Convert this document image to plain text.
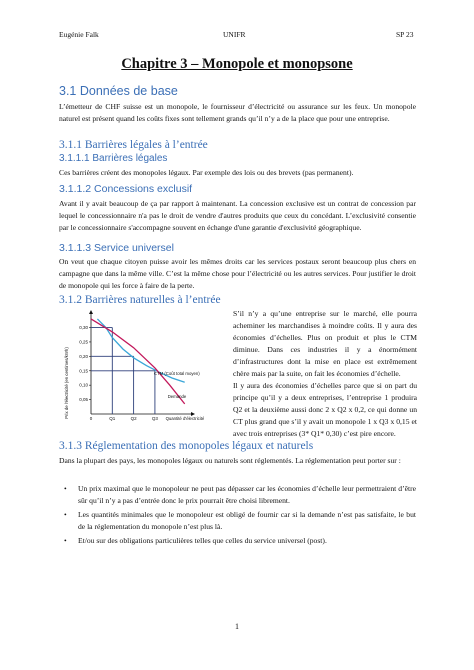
Eugénie Falk	UNIFR	SP 23
Chapitre 3 – Monopole et monopsone
3.1 Données de base
L’émetteur de CHF suisse est un monopole, le fournisseur d’électricité ou assurance sur les feux. Un monopole naturel est présent quand les coûts fixes sont tellement grands qu’il n’y a de la place que pour une entreprise.
3.1.1 Barrières légales à l’entrée
3.1.1.1 Barrières légales
Ces barrières créent des monopoles légaux. Par exemple des lois ou des brevets (pas permanent).
3.1.1.2 Concessions exclusif
Avant il y avait beaucoup de ça par rapport à maintenant. La concession exclusive est un contrat de concession par lequel le concessionnaire n'a pas le droit de vendre d'autres produits que ceux du concédant. L’exclusivité consentie par le concessionnaire s'accompagne souvent en échange d'une garantie d'exclusivité géographique.
3.1.1.3 Service universel
On veut que chaque citoyen puisse avoir les mêmes droits car les services postaux seront beaucoup plus chers en campagne que dans la même ville. C’est la même chose pour l’électricité ou les autres services. Pour justifier le droit de monopole qui les force à faire de la perte.
3.1.2 Barrières naturelles à l’entrée
Prix de l'électricité (en centimes/kWh)
0,30
0,25
0,20
0,15
0,10
0,05
0	Q1	Q2	Q3
CTM (Coût total moyen)
Demande
Quantité d'électricité
S’il n’y a qu’une entreprise sur le marché, elle pourra acheminer les marchandises à moindre coûts. Il y aura des économies d’échelles. Plus on produit et plus le CTM diminue. Dans ces industries il y a énormément d’infrastructures dont la mise en place est extrêmement chère mais par la suite, on fait les économies d’échelle.
Il y aura des économies d’échelles parce que si on part du principe qu’il y a deux entreprises, l’entreprise 1 produira Q2 et la deuxième aussi donc 2 x Q2 x 0,2, ce qui donne un CT plus grand que s’il y avait un monopole 1 x Q3 x 0,15 et avec trois entreprises (3* Q1* 0,30) c’est pire encore.
3.1.3 Réglementation des monopoles légaux et naturels
Dans la plupart des pays, les monopoles légaux ou naturels sont réglementés. La réglementation peut porter sur :
• Un prix maximal que le monopoleur ne peut pas dépasser car les économies d’échelle leur permettraient d’être sûr qu’il n’y a pas d’entrée donc le prix pourrait être choisi librement.
• Les quantités minimales que le monopoleur est obligé de fournir car si la demande n’est pas satisfaite, le but de la réglementation du monopole n’est plus là.
• Et/ou sur des obligations particulières telles que celles du service universel (post).
1
